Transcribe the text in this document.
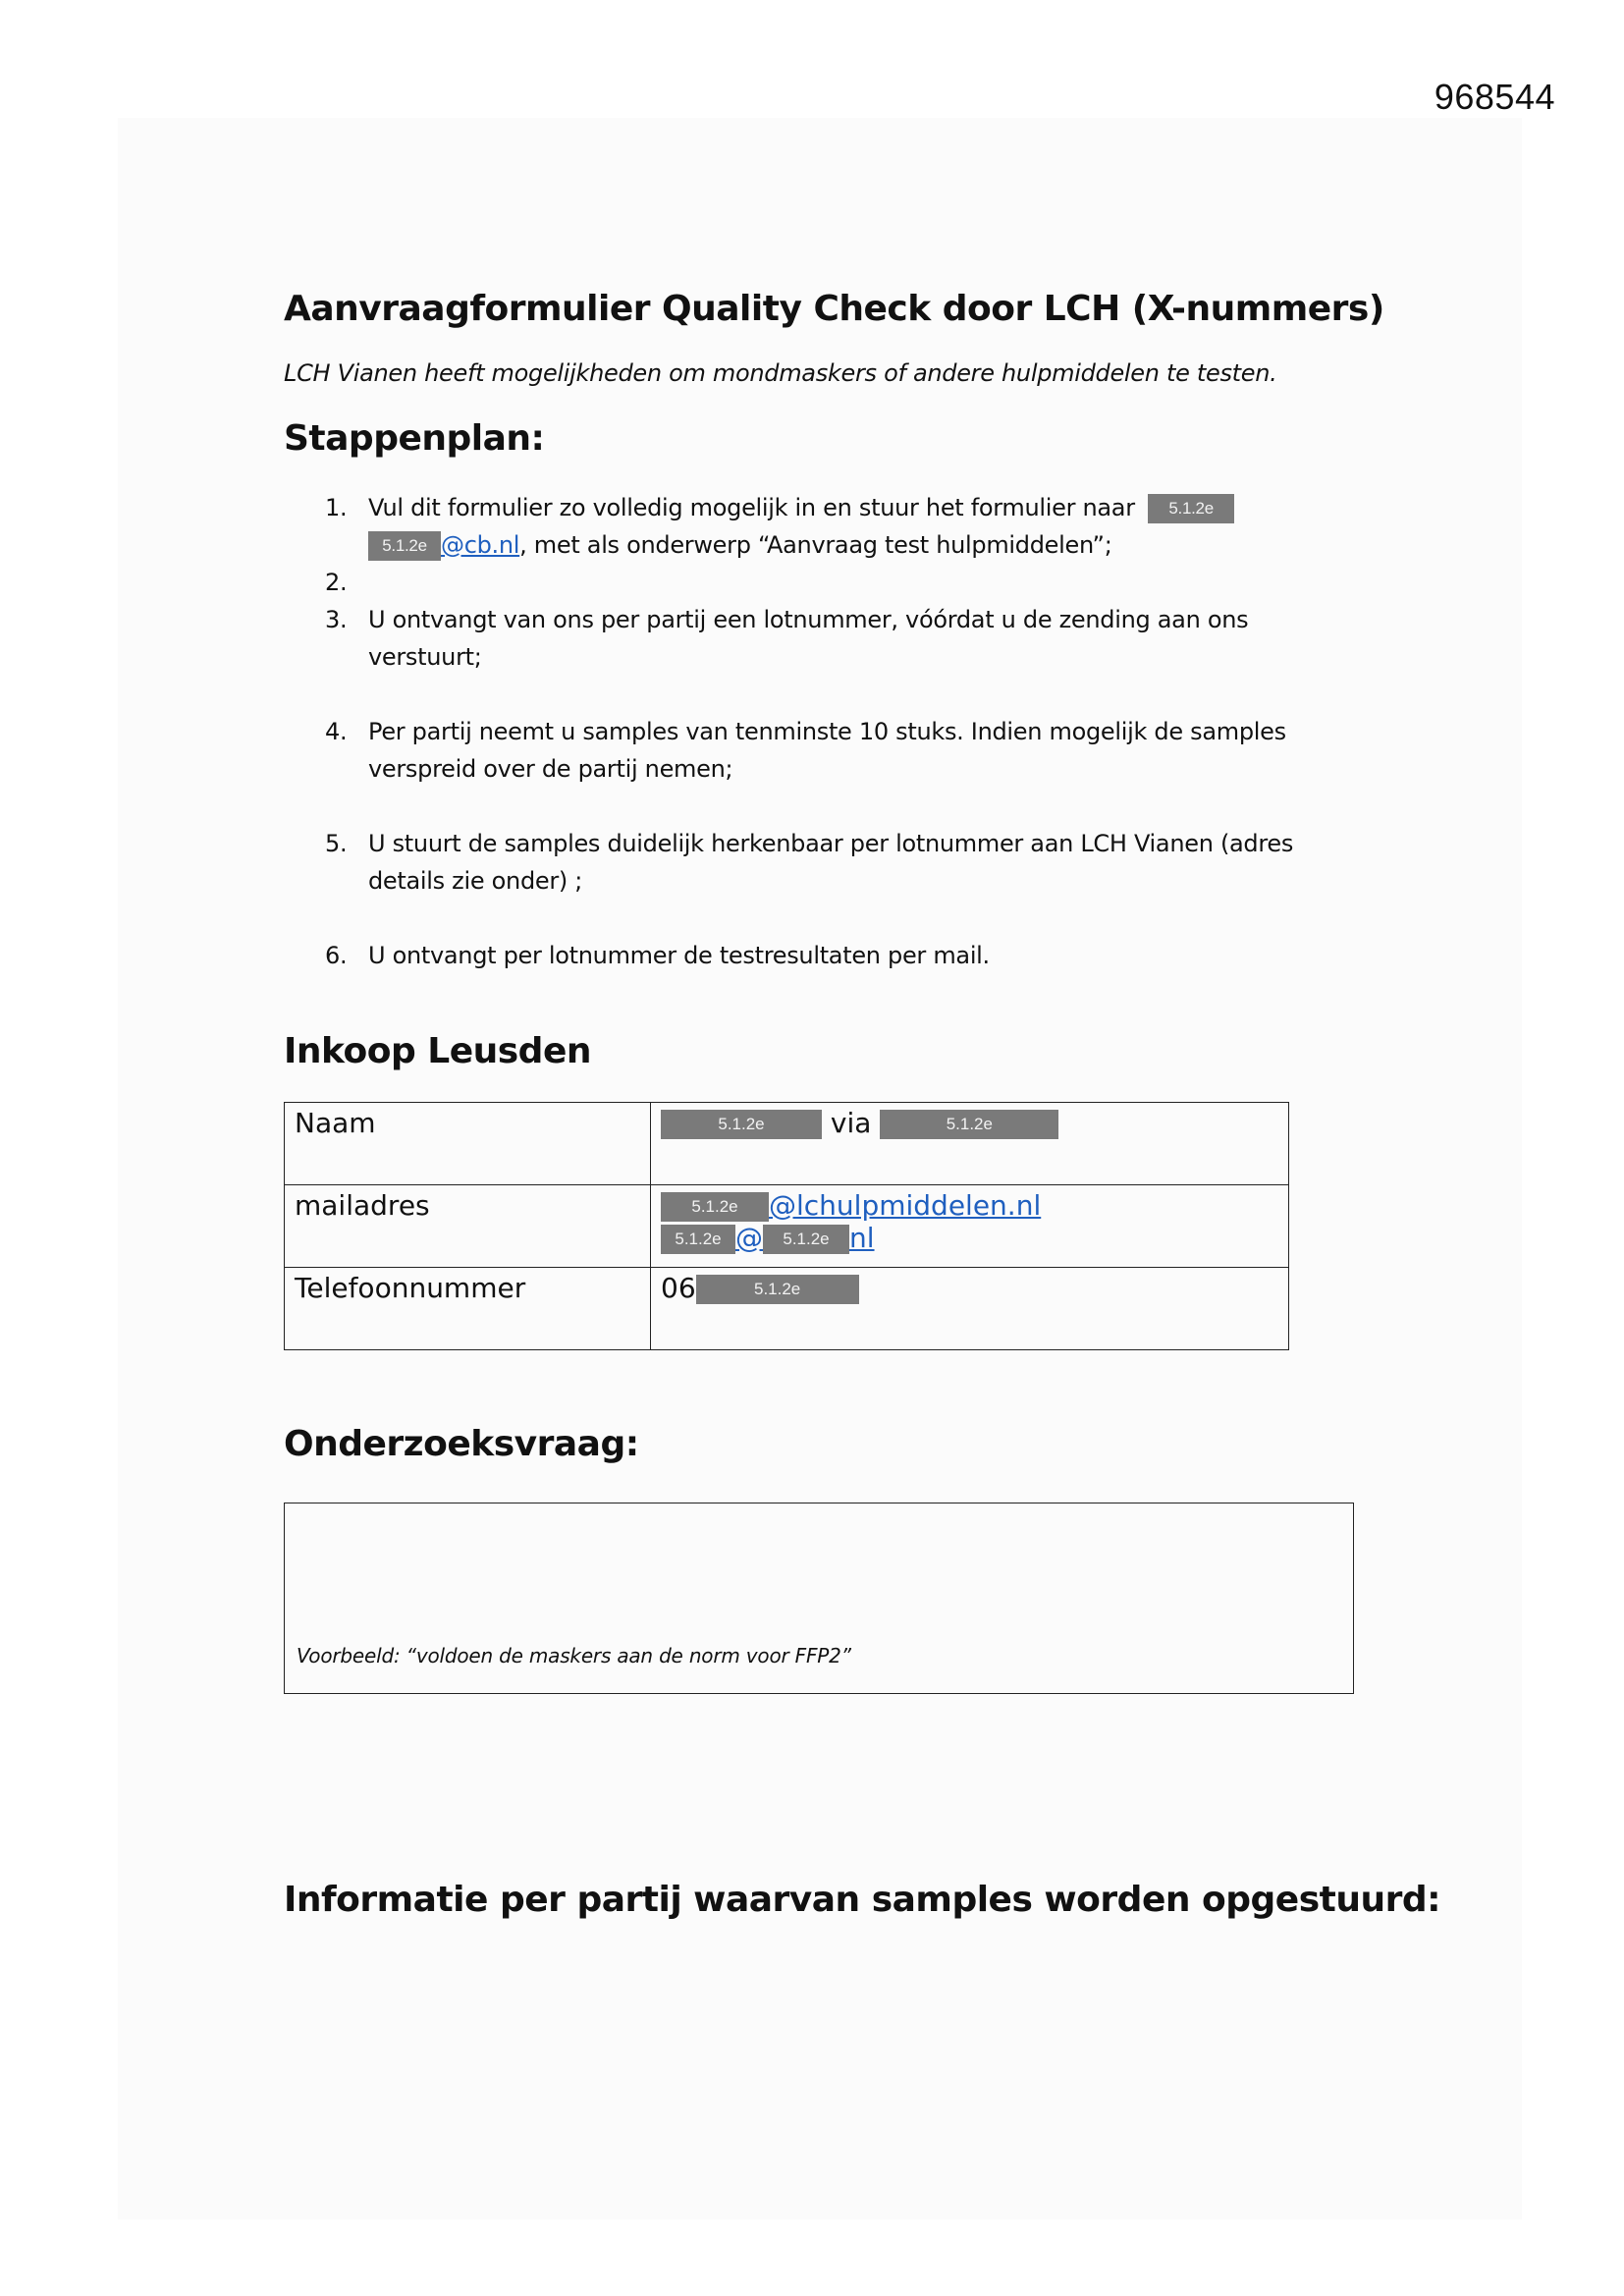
968544
Aanvraagformulier Quality Check door LCH (X-nummers)
LCH Vianen heeft mogelijkheden om mondmaskers of andere hulpmiddelen te testen.
Stappenplan:
1. Vul dit formulier zo volledig mogelijk in en stuur het formulier naar 5.1.2e
5.1.2e @cb.nl, met als onderwerp “Aanvraag test hulpmiddelen”;
2.
3. U ontvangt van ons per partij een lotnummer, vóórdat u de zending aan ons verstuurt;
4. Per partij neemt u samples van tenminste 10 stuks. Indien mogelijk de samples verspreid over de partij nemen;
5. U stuurt de samples duidelijk herkenbaar per lotnummer aan LCH Vianen (adres details zie onder) ;
6. U ontvangt per lotnummer de testresultaten per mail.
Inkoop Leusden
Naam	5.1.2e via 5.1.2e
mailadres	5.1.2e @lchulpmiddelen.nl
5.1.2e @ 5.1.2e nl
Telefoonnummer	06 5.1.2e
Onderzoeksvraag:
Voorbeeld: “voldoen de maskers aan de norm voor FFP2”
Informatie per partij waarvan samples worden opgestuurd:
